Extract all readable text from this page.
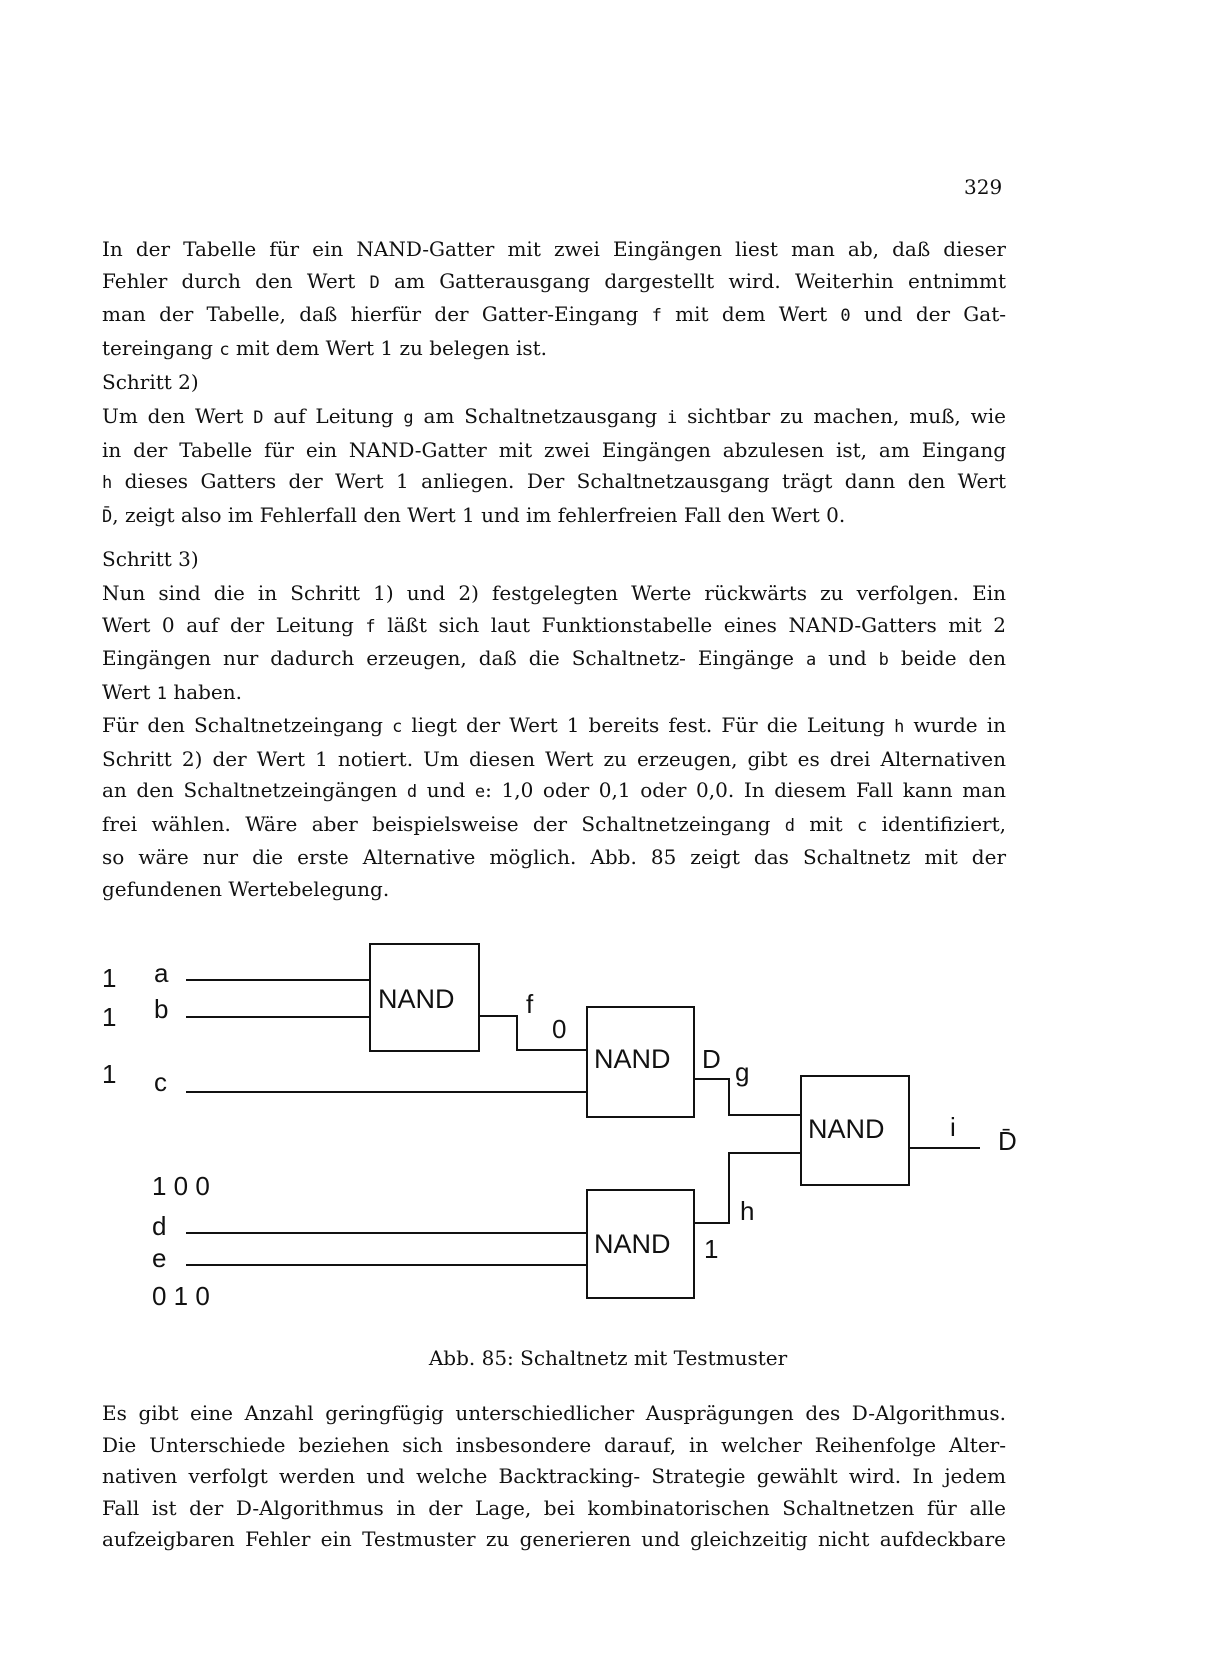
329
In der Tabelle für ein NAND-Gatter mit zwei Eingängen liest man ab, daß dieser
Fehler durch den Wert D am Gatterausgang dargestellt wird. Weiterhin entnimmt
man der Tabelle, daß hierfür der Gatter-Eingang f mit dem Wert 0 und der Gat-
tereingang c mit dem Wert 1 zu belegen ist.
Schritt 2)
Um den Wert D auf Leitung g am Schaltnetzausgang i sichtbar zu machen, muß, wie
in der Tabelle für ein NAND-Gatter mit zwei Eingängen abzulesen ist, am Eingang
h dieses Gatters der Wert 1 anliegen. Der Schaltnetzausgang trägt dann den Wert
D̄, zeigt also im Fehlerfall den Wert 1 und im fehlerfreien Fall den Wert 0.
Schritt 3)
Nun sind die in Schritt 1) und 2) festgelegten Werte rückwärts zu verfolgen. Ein
Wert 0 auf der Leitung f läßt sich laut Funktionstabelle eines NAND-Gatters mit 2
Eingängen nur dadurch erzeugen, daß die Schaltnetz- Eingänge a und b beide den
Wert 1 haben.
Für den Schaltnetzeingang c liegt der Wert 1 bereits fest. Für die Leitung h wurde in
Schritt 2) der Wert 1 notiert. Um diesen Wert zu erzeugen, gibt es drei Alternativen
an den Schaltnetzeingängen d und e: 1,0 oder 0,1 oder 0,0. In diesem Fall kann man
frei wählen. Wäre aber beispielsweise der Schaltnetzeingang d mit c identifiziert,
so wäre nur die erste Alternative möglich. Abb. 85 zeigt das Schaltnetz mit der
gefundenen Wertebelegung.
NAND
NAND
NAND
NAND
1 a
1 b
1 c
1 0 0
d
e
0 1 0
f
0
D g
h
1
i D̄
Abb. 85: Schaltnetz mit Testmuster
Es gibt eine Anzahl geringfügig unterschiedlicher Ausprägungen des D-Algorithmus.
Die Unterschiede beziehen sich insbesondere darauf, in welcher Reihenfolge Alter-
nativen verfolgt werden und welche Backtracking- Strategie gewählt wird. In jedem
Fall ist der D-Algorithmus in der Lage, bei kombinatorischen Schaltnetzen für alle
aufzeigbaren Fehler ein Testmuster zu generieren und gleichzeitig nicht aufdeckbare
